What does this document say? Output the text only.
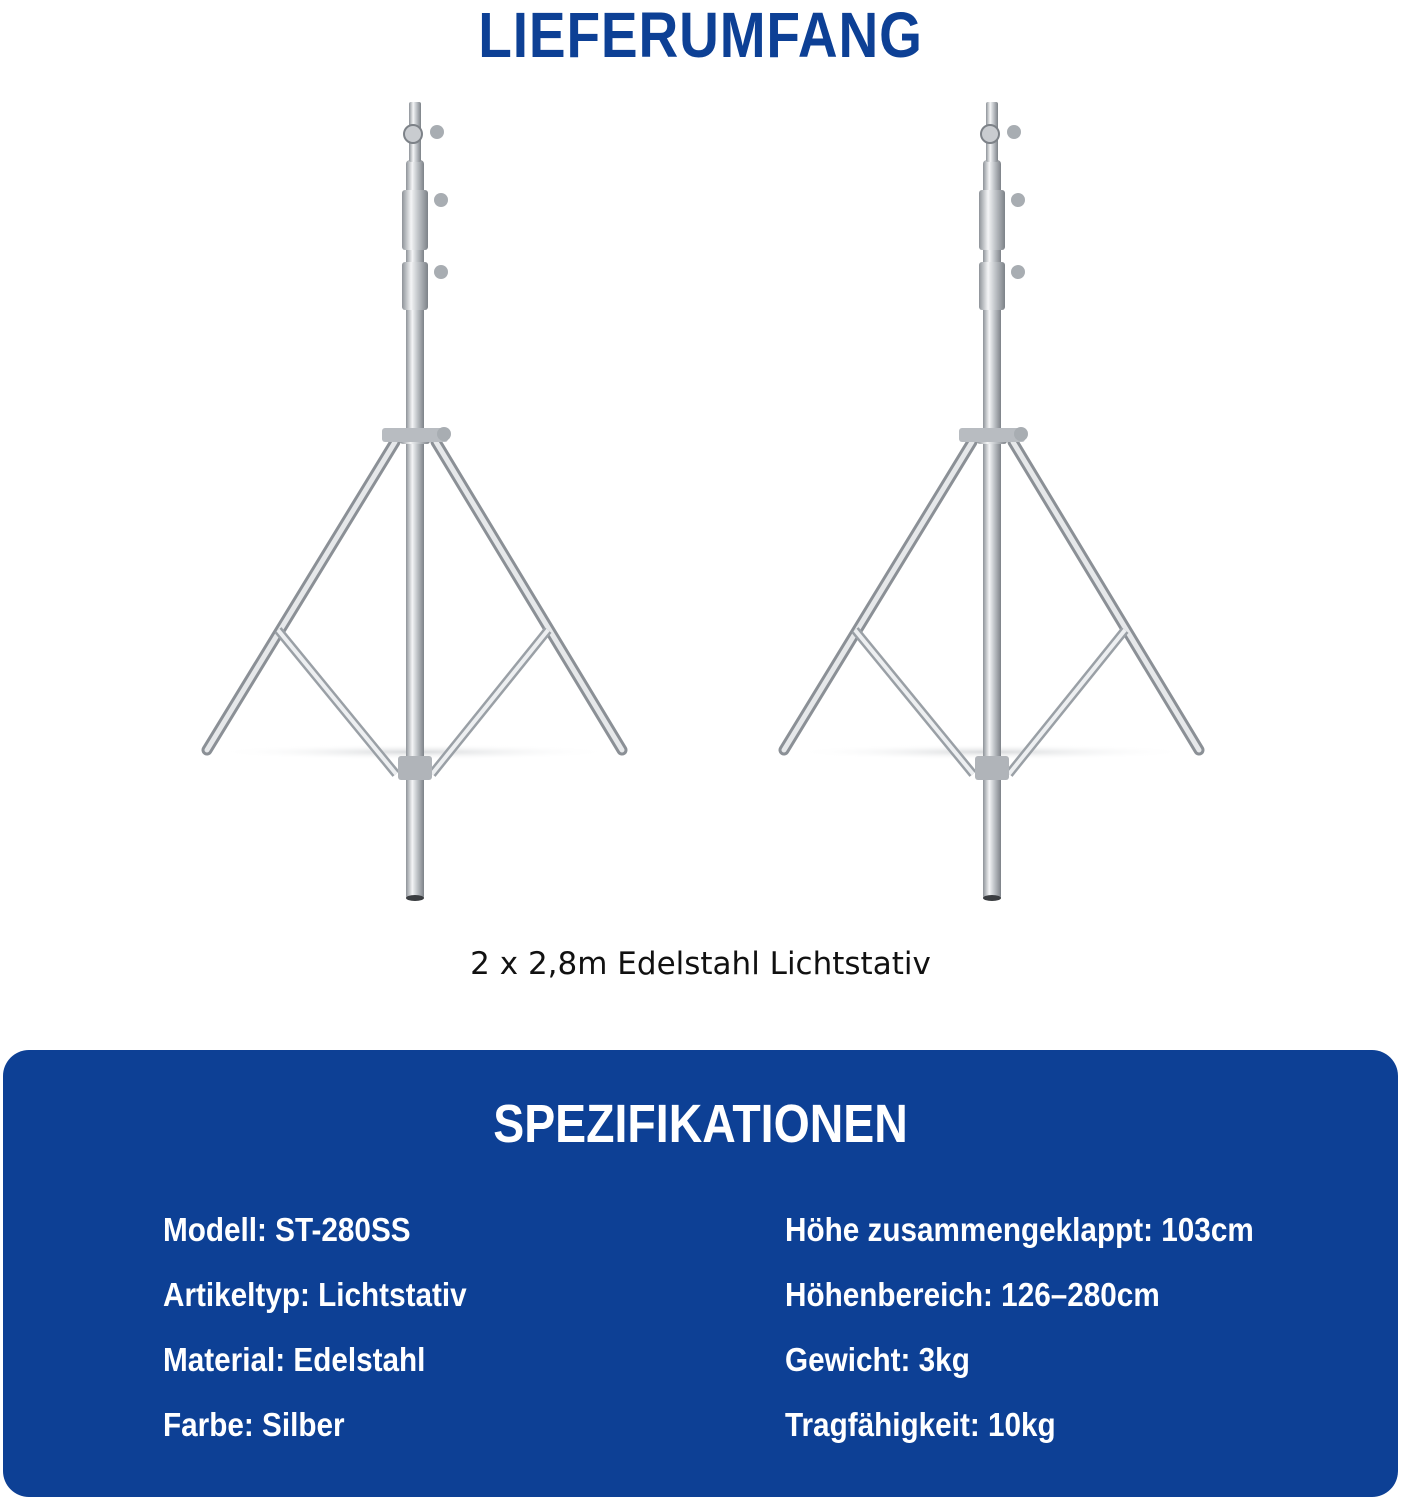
LIEFERUMFANG
2 x 2,8m Edelstahl Lichtstativ
SPEZIFIKATIONEN
Modell: ST-280SS
Artikeltyp: Lichtstativ
Material: Edelstahl
Farbe: Silber
Höhe zusammengeklappt: 103cm
Höhenbereich: 126–280cm
Gewicht: 3kg
Tragfähigkeit: 10kg
